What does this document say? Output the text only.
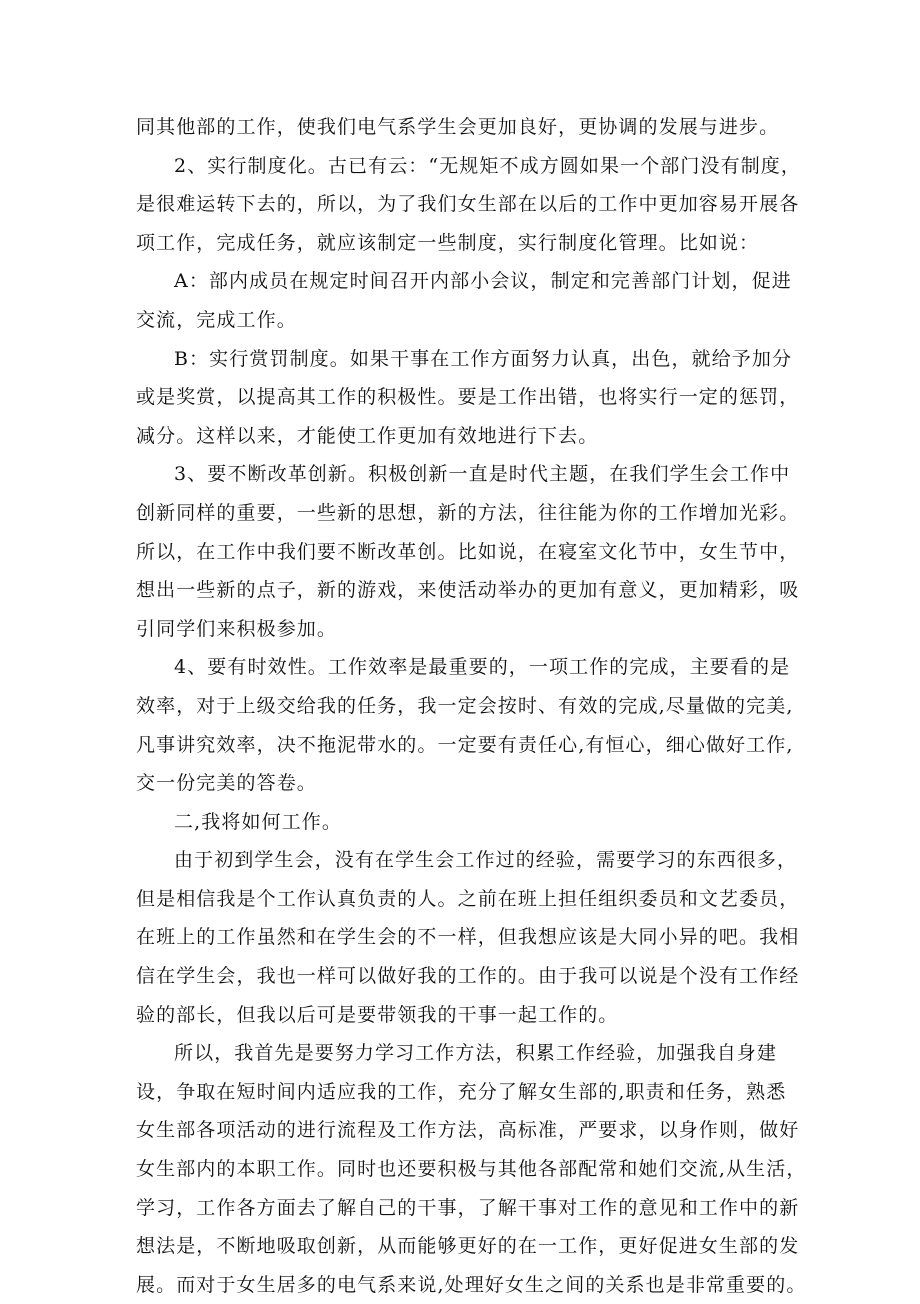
同其他部的工作，使我们电气系学生会更加良好，更协调的发展与进步。
2、实行制度化。古已有云：“无规矩不成方圆如果一个部门没有制度，
是很难运转下去的，所以，为了我们女生部在以后的工作中更加容易开展各
项工作，完成任务，就应该制定一些制度，实行制度化管理。比如说：
A：部内成员在规定时间召开内部小会议，制定和完善部门计划，促进
交流，完成工作。
B：实行赏罚制度。如果干事在工作方面努力认真，出色，就给予加分
或是奖赏，以提高其工作的积极性。要是工作出错，也将实行一定的惩罚，
减分。这样以来，才能使工作更加有效地进行下去。
3、要不断改革创新。积极创新一直是时代主题，在我们学生会工作中
创新同样的重要，一些新的思想，新的方法，往往能为你的工作增加光彩。
所以，在工作中我们要不断改革创。比如说，在寝室文化节中，女生节中，
想出一些新的点子，新的游戏，来使活动举办的更加有意义，更加精彩，吸
引同学们来积极参加。
4、要有时效性。工作效率是最重要的，一项工作的完成，主要看的是
效率，对于上级交给我的任务，我一定会按时、有效的完成,尽量做的完美,
凡事讲究效率，决不拖泥带水的。一定要有责任心,有恒心，细心做好工作,
交一份完美的答卷。
二,我将如何工作。
由于初到学生会，没有在学生会工作过的经验，需要学习的东西很多，
但是相信我是个工作认真负责的人。之前在班上担任组织委员和文艺委员，
在班上的工作虽然和在学生会的不一样，但我想应该是大同小异的吧。我相
信在学生会，我也一样可以做好我的工作的。由于我可以说是个没有工作经
验的部长，但我以后可是要带领我的干事一起工作的。
所以，我首先是要努力学习工作方法，积累工作经验，加强我自身建
设，争取在短时间内适应我的工作，充分了解女生部的,职责和任务，熟悉
女生部各项活动的进行流程及工作方法，高标准，严要求，以身作则，做好
女生部内的本职工作。同时也还要积极与其他各部配常和她们交流,从生活，
学习，工作各方面去了解自己的干事，了解干事对工作的意见和工作中的新
想法是，不断地吸取创新，从而能够更好的在一工作，更好促进女生部的发
展。而对于女生居多的电气系来说,处理好女生之间的关系也是非常重要的。
